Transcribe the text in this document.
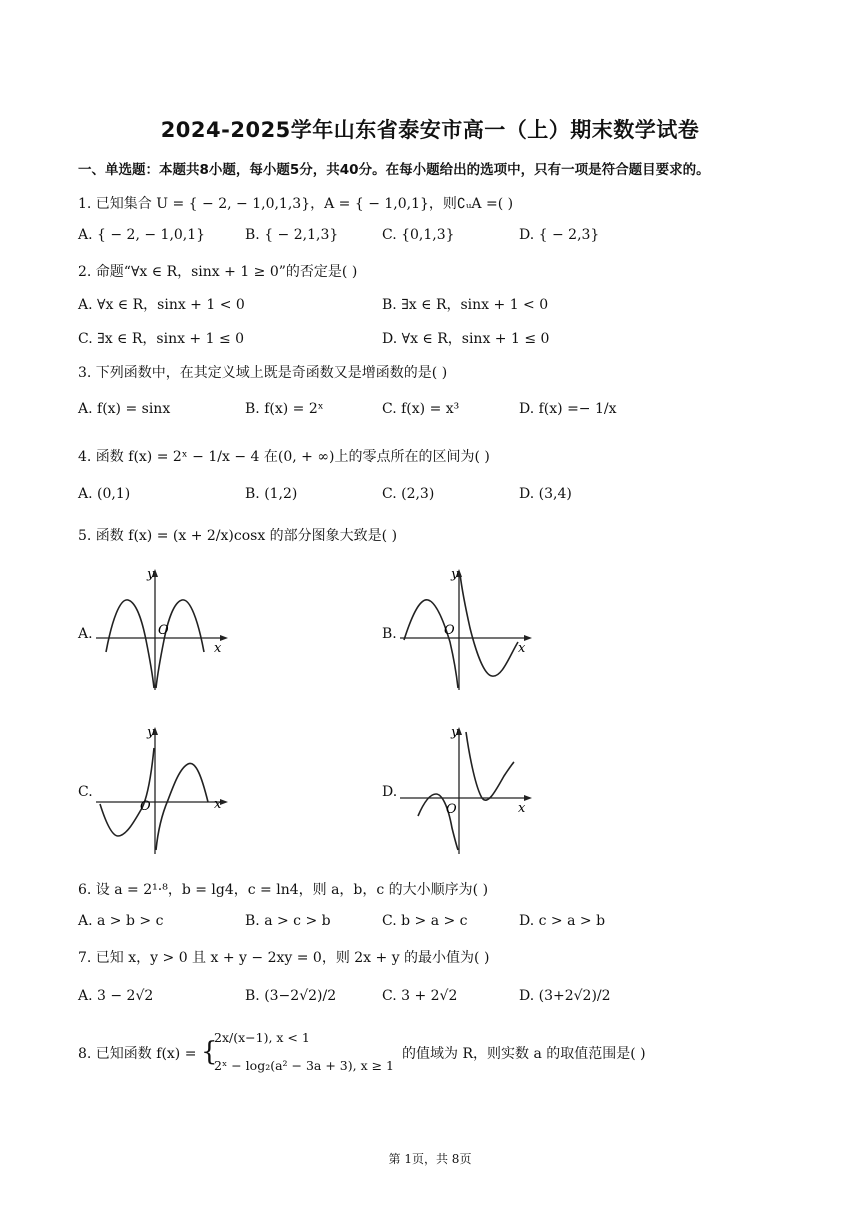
2024-2025学年山东省泰安市高一（上）期末数学试卷
一、单选题：本题共8小题，每小题5分，共40分。在每小题给出的选项中，只有一项是符合题目要求的。
1. 已知集合 U = { − 2, − 1,0,1,3}，A = { − 1,0,1}，则∁ᵤA =( )
A. { − 2, − 1,0,1}	B. { − 2,1,3}	C. {0,1,3}	D. { − 2,3}
2. 命题“∀x ∈ R，sinx + 1 ≥ 0”的否定是( )
A. ∀x ∈ R，sinx + 1 < 0	B. ∃x ∈ R，sinx + 1 < 0
C. ∃x ∈ R，sinx + 1 ≤ 0	D. ∀x ∈ R，sinx + 1 ≤ 0
3. 下列函数中，在其定义域上既是奇函数又是增函数的是( )
A. f(x) = sinx	B. f(x) = 2ˣ	C. f(x) = x³	D. f(x) =− 1/x
4. 函数 f(x) = 2ˣ − 1/x − 4 在(0, + ∞)上的零点所在的区间为( )
A. (0,1)	B. (1,2)	C. (2,3)	D. (3,4)
5. 函数 f(x) = (x + 2/x)cosx 的部分图象大致是( )
A.	B.
C.	D.
y
x
O
y
x
O
y
x
O
y
x
O
6. 设 a = 2¹·⁸，b = lg4，c = ln4，则 a，b，c 的大小顺序为( )
A. a > b > c	B. a > c > b	C. b > a > c	D. c > a > b
7. 已知 x，y > 0 且 x + y − 2xy = 0，则 2x + y 的最小值为( )
A. 3 − 2√2	B. (3−2√2)/2	C. 3 + 2√2	D. (3+2√2)/2
8. 已知函数 f(x) = {
2x/(x−1), x < 1
2ˣ − log₂(a² − 3a + 3), x ≥ 1
的值域为 R，则实数 a 的取值范围是( )
第 1页，共 8页
